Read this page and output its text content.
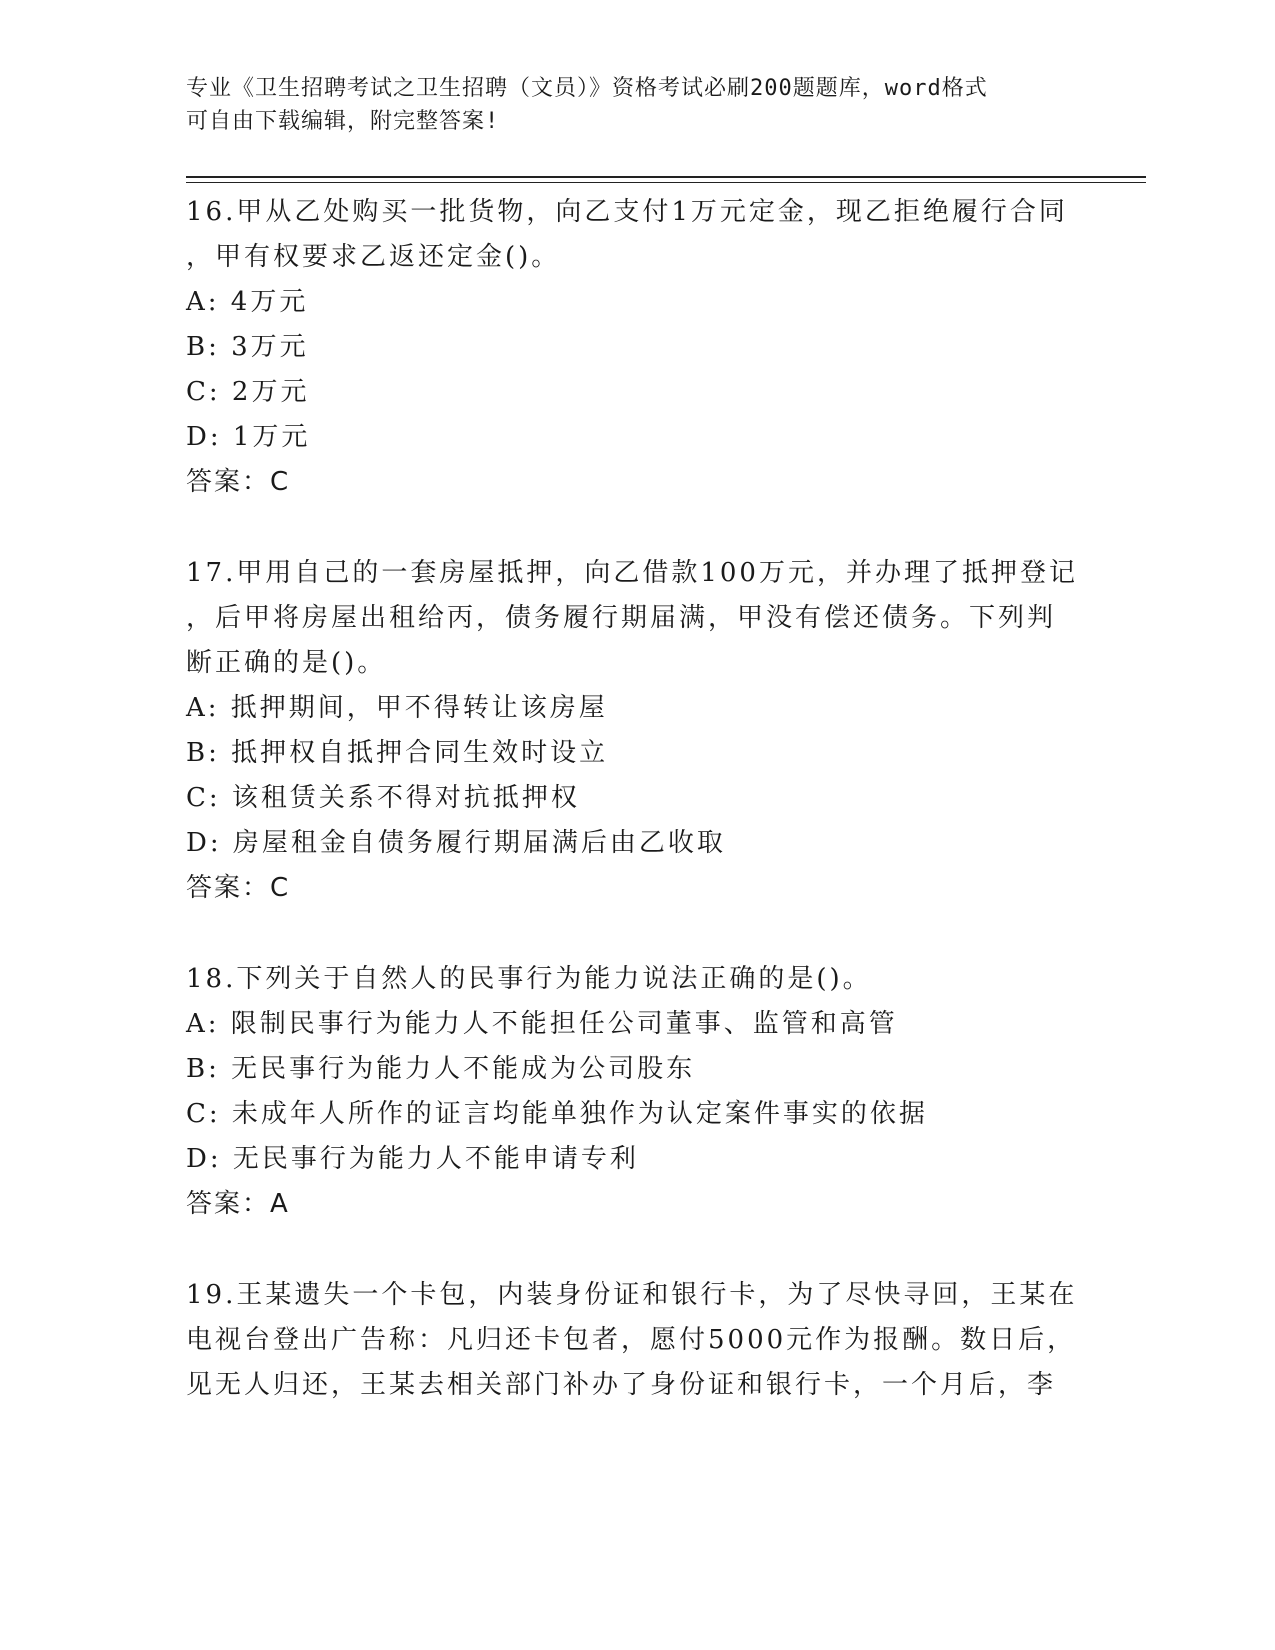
专业《卫生招聘考试之卫生招聘（文员）》资格考试必刷200题题库，word格式
可自由下载编辑，附完整答案!
16.甲从乙处购买一批货物，向乙支付1万元定金，现乙拒绝履行合同
，甲有权要求乙返还定金()。
A: 4万元
B: 3万元
C: 2万元
D: 1万元
答案：C
17.甲用自己的一套房屋抵押，向乙借款100万元，并办理了抵押登记
，后甲将房屋出租给丙，债务履行期届满，甲没有偿还债务。下列判
断正确的是()。
A: 抵押期间，甲不得转让该房屋
B: 抵押权自抵押合同生效时设立
C: 该租赁关系不得对抗抵押权
D: 房屋租金自债务履行期届满后由乙收取
答案：C
18.下列关于自然人的民事行为能力说法正确的是()。
A: 限制民事行为能力人不能担任公司董事、监管和高管
B: 无民事行为能力人不能成为公司股东
C: 未成年人所作的证言均能单独作为认定案件事实的依据
D: 无民事行为能力人不能申请专利
答案：A
19.王某遗失一个卡包，内装身份证和银行卡，为了尽快寻回，王某在
电视台登出广告称：凡归还卡包者，愿付5000元作为报酬。数日后，
见无人归还，王某去相关部门补办了身份证和银行卡，一个月后，李
